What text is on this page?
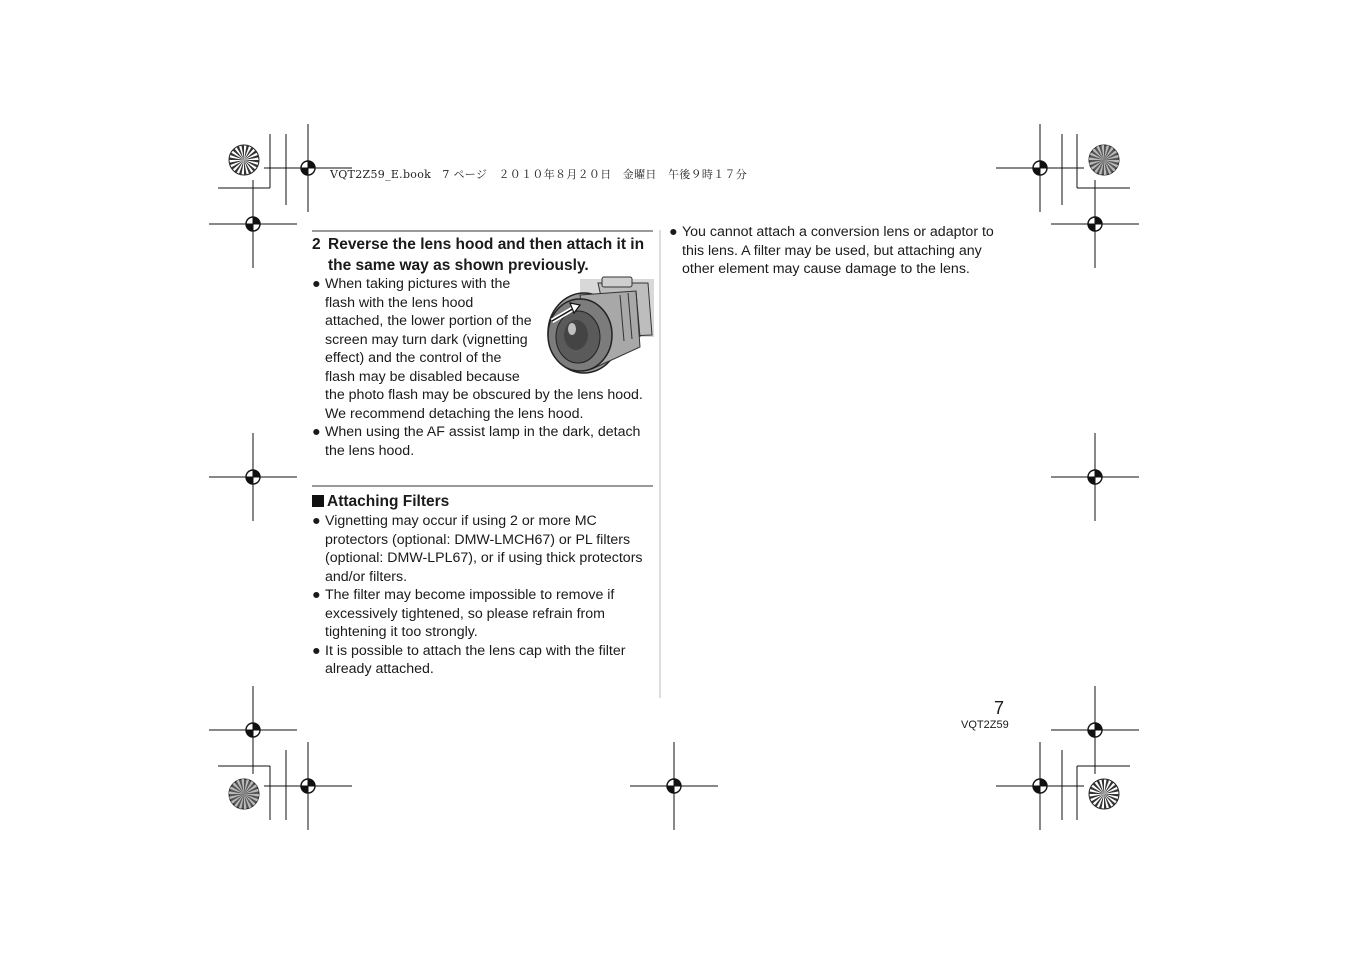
VQT2Z59_E.book　7 ページ　２０１０年８月２０日　金曜日　午後９時１７分
2 Reverse the lens hood and then attach it in the same way as shown previously.
● When taking pictures with the flash with the lens hood attached, the lower portion of the screen may turn dark (vignetting effect) and the control of the flash may be disabled because the photo flash may be obscured by the lens hood. We recommend detaching the lens hood.
● When using the AF assist lamp in the dark, detach the lens hood.
Attaching Filters
● Vignetting may occur if using 2 or more MC protectors (optional: DMW-LMCH67) or PL filters (optional: DMW-LPL67), or if using thick protectors and/or filters.
● The filter may become impossible to remove if excessively tightened, so please refrain from tightening it too strongly.
● It is possible to attach the lens cap with the filter already attached.
● You cannot attach a conversion lens or adaptor to this lens. A filter may be used, but attaching any other element may cause damage to the lens.
7
VQT2Z59
